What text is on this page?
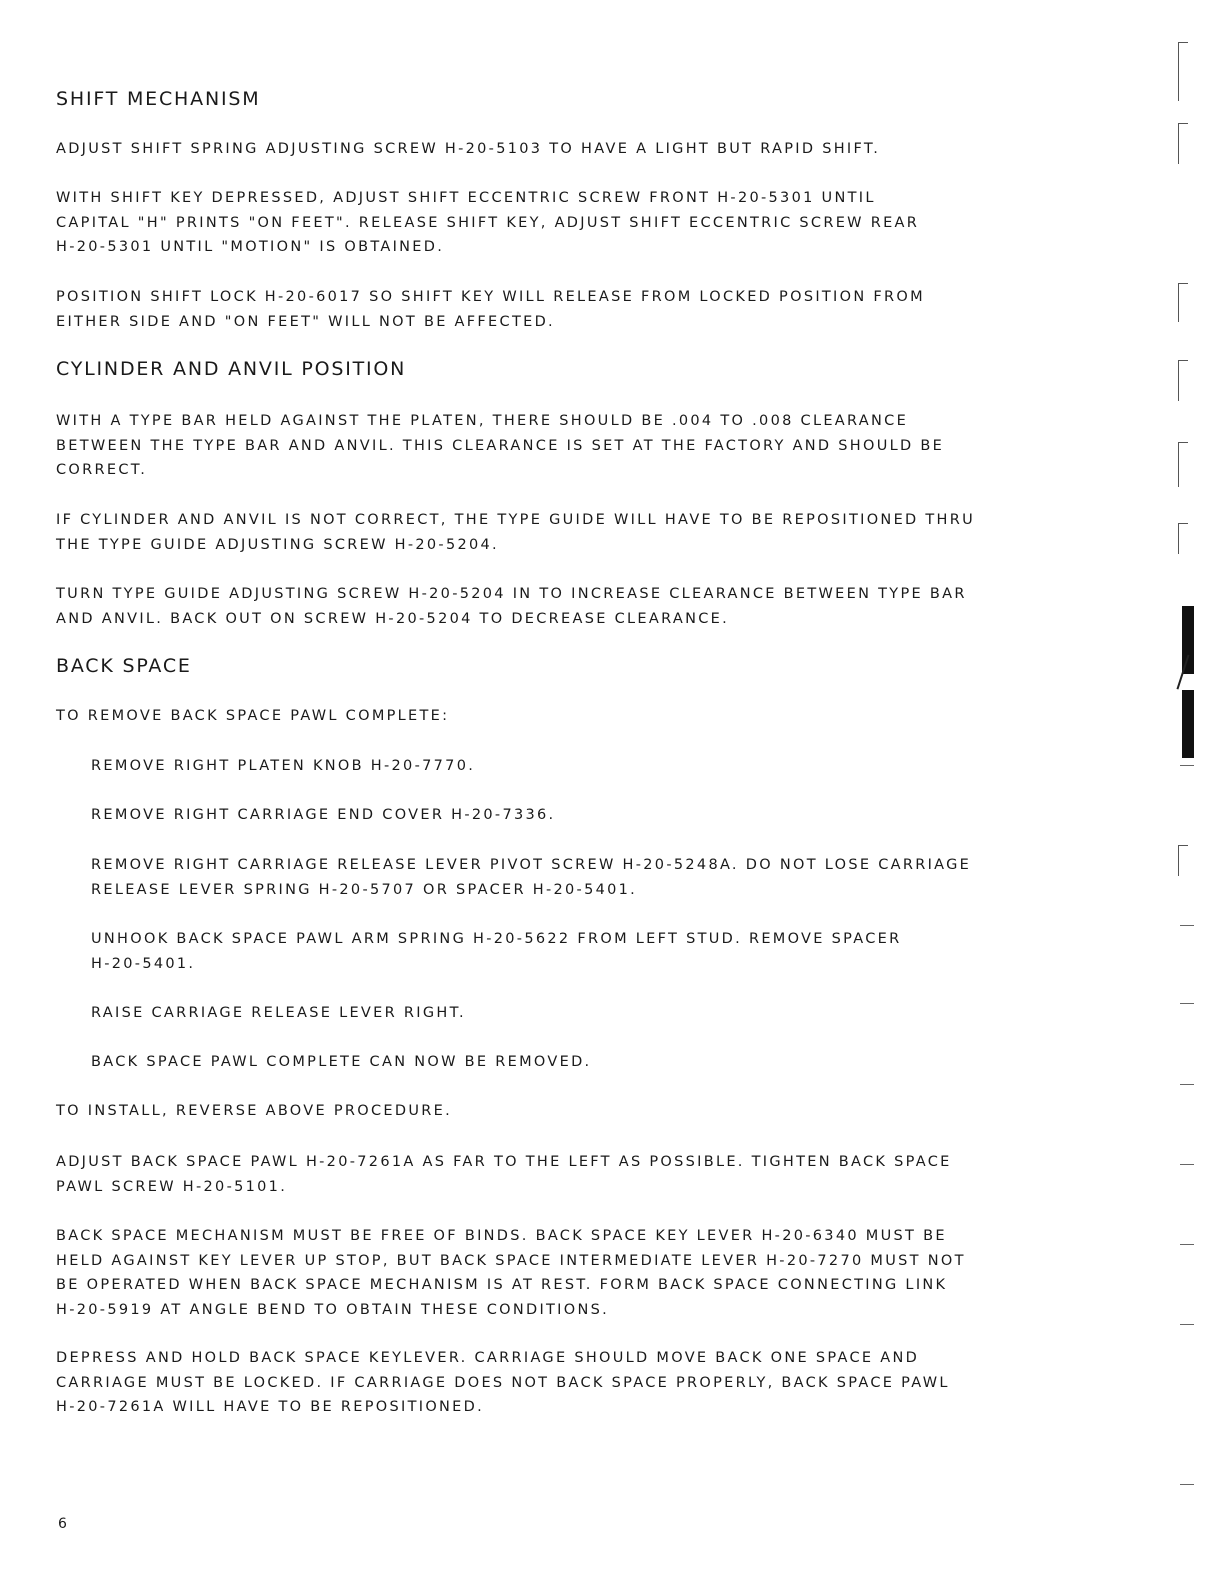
SHIFT MECHANISM

ADJUST SHIFT SPRING ADJUSTING SCREW H-20-5103 TO HAVE A LIGHT BUT RAPID SHIFT.

WITH SHIFT KEY DEPRESSED, ADJUST SHIFT ECCENTRIC SCREW FRONT H-20-5301 UNTIL
CAPITAL "H" PRINTS "ON FEET". RELEASE SHIFT KEY, ADJUST SHIFT ECCENTRIC SCREW REAR
H-20-5301 UNTIL "MOTION" IS OBTAINED.

POSITION SHIFT LOCK H-20-6017 SO SHIFT KEY WILL RELEASE FROM LOCKED POSITION FROM
EITHER SIDE AND "ON FEET" WILL NOT BE AFFECTED.

CYLINDER AND ANVIL POSITION

WITH A TYPE BAR HELD AGAINST THE PLATEN, THERE SHOULD BE .004 TO .008 CLEARANCE
BETWEEN THE TYPE BAR AND ANVIL. THIS CLEARANCE IS SET AT THE FACTORY AND SHOULD BE
CORRECT.

IF CYLINDER AND ANVIL IS NOT CORRECT, THE TYPE GUIDE WILL HAVE TO BE REPOSITIONED THRU
THE TYPE GUIDE ADJUSTING SCREW H-20-5204.

TURN TYPE GUIDE ADJUSTING SCREW H-20-5204 IN TO INCREASE CLEARANCE BETWEEN TYPE BAR
AND ANVIL. BACK OUT ON SCREW H-20-5204 TO DECREASE CLEARANCE.

BACK SPACE

TO REMOVE BACK SPACE PAWL COMPLETE:

REMOVE RIGHT PLATEN KNOB H-20-7770.

REMOVE RIGHT CARRIAGE END COVER H-20-7336.

REMOVE RIGHT CARRIAGE RELEASE LEVER PIVOT SCREW H-20-5248A. DO NOT LOSE CARRIAGE
RELEASE LEVER SPRING H-20-5707 OR SPACER H-20-5401.

UNHOOK BACK SPACE PAWL ARM SPRING H-20-5622 FROM LEFT STUD. REMOVE SPACER
H-20-5401.

RAISE CARRIAGE RELEASE LEVER RIGHT.

BACK SPACE PAWL COMPLETE CAN NOW BE REMOVED.

TO INSTALL, REVERSE ABOVE PROCEDURE.

ADJUST BACK SPACE PAWL H-20-7261A AS FAR TO THE LEFT AS POSSIBLE. TIGHTEN BACK SPACE
PAWL SCREW H-20-5101.

BACK SPACE MECHANISM MUST BE FREE OF BINDS. BACK SPACE KEY LEVER H-20-6340 MUST BE
HELD AGAINST KEY LEVER UP STOP, BUT BACK SPACE INTERMEDIATE LEVER H-20-7270 MUST NOT
BE OPERATED WHEN BACK SPACE MECHANISM IS AT REST. FORM BACK SPACE CONNECTING LINK
H-20-5919 AT ANGLE BEND TO OBTAIN THESE CONDITIONS.

DEPRESS AND HOLD BACK SPACE KEYLEVER. CARRIAGE SHOULD MOVE BACK ONE SPACE AND
CARRIAGE MUST BE LOCKED. IF CARRIAGE DOES NOT BACK SPACE PROPERLY, BACK SPACE PAWL
H-20-7261A WILL HAVE TO BE REPOSITIONED.

6
